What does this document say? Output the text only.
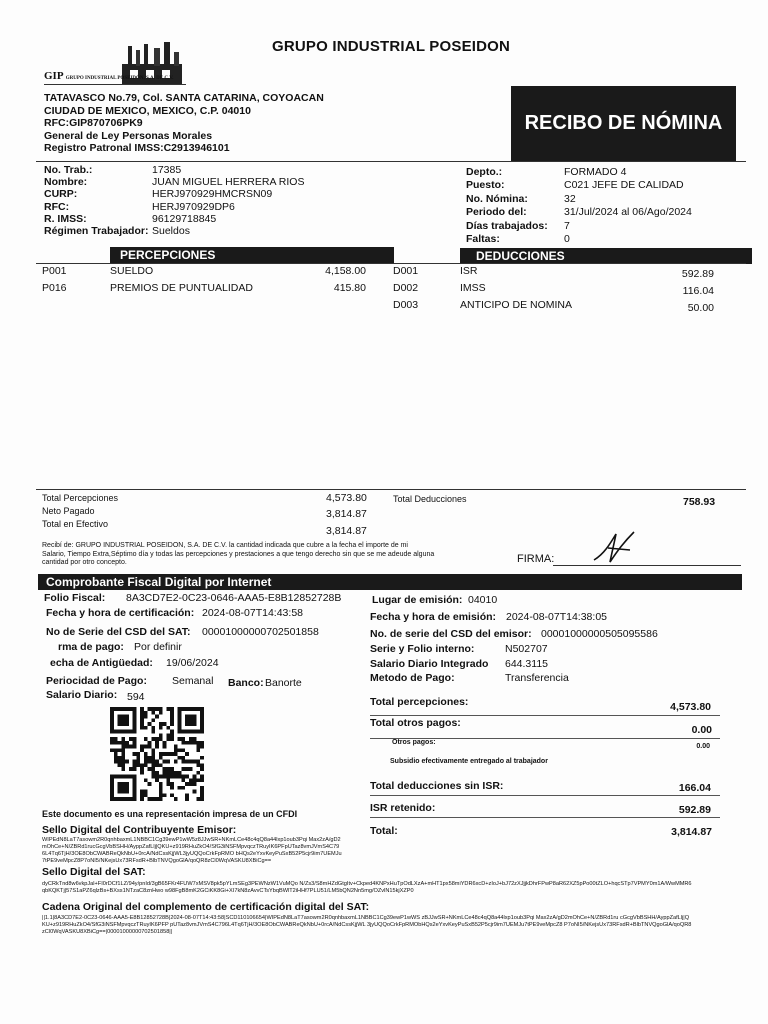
GRUPO INDUSTRIAL POSEIDON
GIP GRUPO INDUSTRIAL POSEIDÓN, S.A. DE C.V.
TATAVASCO No.79, Col. SANTA CATARINA, COYOACAN
CIUDAD DE MEXICO, MEXICO, C.P. 04010
RFC:GIP870706PK9
General de Ley Personas Morales
Registro Patronal IMSS:C2913946101
RECIBO DE NÓMINA
No. Trab.:	17385
Nombre:	JUAN MIGUEL HERRERA RIOS
CURP:	HERJ970929HMCRSN09
RFC:	HERJ970929DP6
R. IMSS:	96129718845
Régimen Trabajador: Sueldos
Depto.:	FORMADO 4
Puesto:	C021 JEFE DE CALIDAD
No. Nómina:	32
Periodo del:	31/Jul/2024 al 06/Ago/2024
Días trabajados: 7
Faltas:	0
PERCEPCIONES	DEDUCCIONES
P001	SUELDO	4,158.00
P016	PREMIOS DE PUNTUALIDAD	415.80
D001	ISR	592.89
D002	IMSS	116.04
D003	ANTICIPO DE NOMINA	50.00
Total Percepciones	4,573.80
Neto Pagado	3,814.87
Total en Efectivo
3,814.87
Total Deducciones	758.93
Recibí de: GRUPO INDUSTRIAL POSEIDON, S.A. DE C.V. la cantidad indicada que cubre a la fecha el importe de mi
Salario, Tiempo Extra,Séptimo día y todas las percepciones y prestaciones a que tengo derecho sin que se me adeude alguna
cantidad por otro concepto.	FIRMA:
Comprobante Fiscal Digital por Internet
Folio Fiscal: 8A3CD7E2-0C23-0646-AAA5-E8B12852728B
Fecha y hora de certificación: 2024-08-07T14:43:58
No de Serie del CSD del SAT: 00001000000702501858
rma de pago: Por definir
echa de Antigüedad: 19/06/2024
Periocidad de Pago: Semanal Banco: Banorte
Salario Diario: 594
Lugar de emisión: 04010
Fecha y hora de emisión: 2024-08-07T14:38:05
No. de serie del CSD del emisor: 00001000000505095586
Serie y Folio interno:	N502707
Salario Diario Integrado 644.3115
Metodo de Pago:	Transferencia
Total percepciones:	4,573.80
Total otros pagos:
0.00
Otros pagos:
0.00
Subsidio efectivamente entregado al trabajador
Total deducciones sin ISR:	166.04
ISR retenido:	592.89
Total:	3,814.87
Este documento es una representación impresa de un CFDI
Sello Digital del Contribuyente Emisor:
WIPEdN8LaT7asowm2R0qnhbaxmL1NBBC1Cg39ewP1wW5z8JJwSR+NKmLCe48c4qQ8a44lxp1oub3Pqi Max2zA/gD2mOhCe+N/ZBRd1rucGcgVbBSHH/AyppZafLlj|QKU+z919RHuZkO4/SfG3iNSFMpvqczTRuyIK6PFpUTaz8vmJVmS4C796L4Tq6TjH/3OE8ObCWABReQkNbU+0rcA/NdCssKjjWL3jyUQQoCrkFpRMO bHQs2eYxvKeyPuSxB52P5cjr9im7UEMJu7tPE9veMpcZ8P7oNI5/NKejsUx73RFsdR+BlbTNVQgoGlA/qoQR8zCl0WqVASKU8XBiCg==
Sello Digital del SAT:
dyCRkTnd8w6vkpJal+FI0rDCf1LZ/94y/pnId/3gB65FKr4FUW7xMSV8pk5pYLmSEg3PEWNzW1VuMQo N/Zs3/S8mHZdGtgItv+Ckped4KNPxHuTpOdLXzA+mHT1px58miYDR6xcD+zIoJ+bJ72zXJjjkDhrFPwP8aR62XZ5pPo00tZLO+hqcSTp7VPMY0m1A/WwMMR6qbKQKTj|57S1aPZ6qlzBs+BXss1NTzaC8znHwo w98FgB8mK2GCiKK8Gi+XI7kN8zAvvCTsYbqBWlT2iHHf7PLU51/LM5bQN2Nn5mg/OZvlN15kjXZP0
Cadena Original del complemento de certificación digital del SAT:
||1.1|8A3CD7E2-0C23-0646-AAA5-E8B12852728B|2024-08-07T14:43:58|SCD110106654|WIPEdN8LaT7asowm2R0qnhbaxmL1NBBC1Cg39ewP1wWS zBJJwSR+NKmLCe48c4qQ8a44lxp1oub3Pqi Max2zA/gD2mOhCe+N/ZBRd1ru cGcgVbBSHH/AyppZafLlj|QKU+z919RHuZkO4/SfG3iNSFMpvqczTRuyIK6PFP pUTaz8vmJVmS4C796L4Tq6TjH/3OE8ObCWABReQkNbU+0rcA/NdCssKjjWL 3jyUQQoCrkFpRMObHQs2eYxvKeyPuSxB52P5cjr9im7UEMJu7tPE9veMpcZ8 P7oNI5/NKejsUx73RFsdR+BlbTNVQgoGlA/qoQR8zCl0WqVASKU8XBiCg==|00001000000702501858||
